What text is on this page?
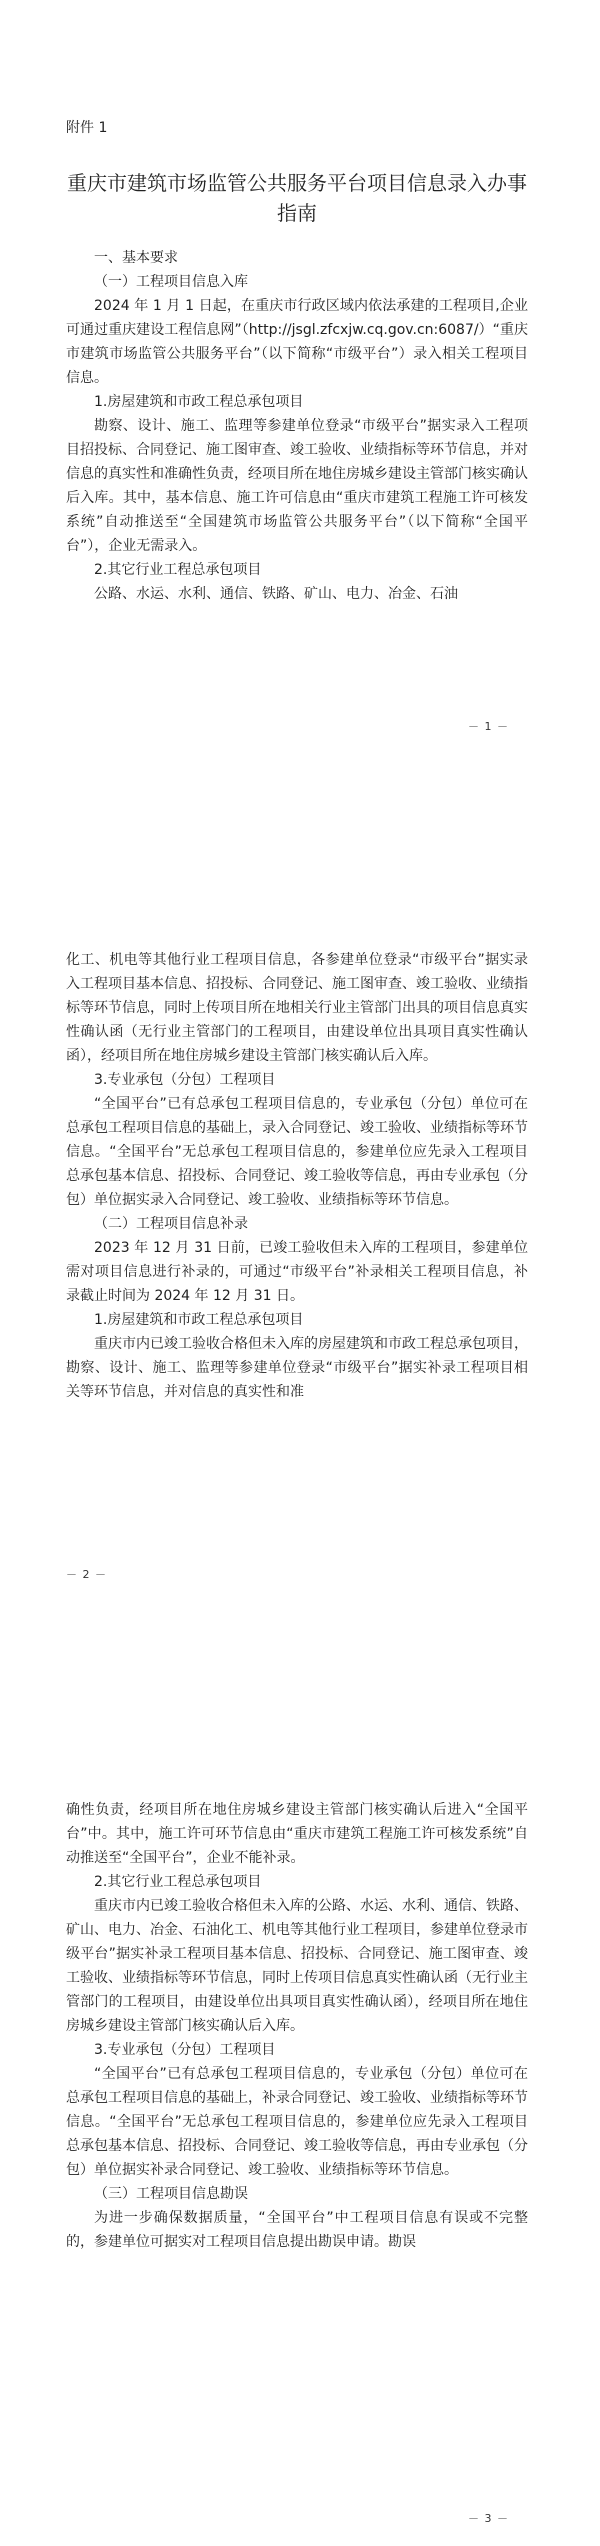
附件 1
重庆市建筑市场监管公共服务平台项目信息录入办事指南

一、基本要求

（一）工程项目信息入库

2024 年 1 月 1 日起，在重庆市行政区域内依法承建的工程项目,企业可通过重庆建设工程信息网”（http://jsgl.zfcxjw.cq.gov.cn:6087/）“重庆市建筑市场监管公共服务平台”（以下简称“市级平台”）录入相关工程项目信息。

1.房屋建筑和市政工程总承包项目

勘察、设计、施工、监理等参建单位登录“市级平台”据实录入工程项目招投标、合同登记、施工图审查、竣工验收、业绩指标等环节信息，并对信息的真实性和准确性负责，经项目所在地住房城乡建设主管部门核实确认后入库。其中，基本信息、施工许可信息由“重庆市建筑工程施工许可核发系统”自动推送至“全国建筑市场监管公共服务平台”（以下简称“全国平台”），企业无需录入。

2.其它行业工程总承包项目

公路、水运、水利、通信、铁路、矿山、电力、冶金、石油

－ 1 －

化工、机电等其他行业工程项目信息，各参建单位登录“市级平台”据实录入工程项目基本信息、招投标、合同登记、施工图审查、竣工验收、业绩指标等环节信息，同时上传项目所在地相关行业主管部门出具的项目信息真实性确认函（无行业主管部门的工程项目，由建设单位出具项目真实性确认函），经项目所在地住房城乡建设主管部门核实确认后入库。

3.专业承包（分包）工程项目

“全国平台”已有总承包工程项目信息的，专业承包（分包）单位可在总承包工程项目信息的基础上，录入合同登记、竣工验收、业绩指标等环节信息。“全国平台”无总承包工程项目信息的，参建单位应先录入工程项目总承包基本信息、招投标、合同登记、竣工验收等信息，再由专业承包（分包）单位据实录入合同登记、竣工验收、业绩指标等环节信息。

（二）工程项目信息补录

2023 年 12 月 31 日前，已竣工验收但未入库的工程项目，参建单位需对项目信息进行补录的，可通过“市级平台”补录相关工程项目信息，补录截止时间为 2024 年 12 月 31 日。

1.房屋建筑和市政工程总承包项目

重庆市内已竣工验收合格但未入库的房屋建筑和市政工程总承包项目，勘察、设计、施工、监理等参建单位登录“市级平台”据实补录工程项目相关等环节信息，并对信息的真实性和准

－ 2 －

确性负责，经项目所在地住房城乡建设主管部门核实确认后进入“全国平台”中。其中，施工许可环节信息由“重庆市建筑工程施工许可核发系统”自动推送至“全国平台”，企业不能补录。

2.其它行业工程总承包项目

重庆市内已竣工验收合格但未入库的公路、水运、水利、通信、铁路、矿山、电力、冶金、石油化工、机电等其他行业工程项目，参建单位登录市级平台”据实补录工程项目基本信息、招投标、合同登记、施工图审查、竣工验收、业绩指标等环节信息，同时上传项目信息真实性确认函（无行业主管部门的工程项目，由建设单位出具项目真实性确认函），经项目所在地住房城乡建设主管部门核实确认后入库。

3.专业承包（分包）工程项目

“全国平台”已有总承包工程项目信息的，专业承包（分包）单位可在总承包工程项目信息的基础上，补录合同登记、竣工验收、业绩指标等环节信息。“全国平台”无总承包工程项目信息的，参建单位应先录入工程项目总承包基本信息、招投标、合同登记、竣工验收等信息，再由专业承包（分包）单位据实补录合同登记、竣工验收、业绩指标等环节信息。

（三）工程项目信息勘误

为进一步确保数据质量，“全国平台”中工程项目信息有误或不完整的，参建单位可据实对工程项目信息提出勘误申请。勘误

－ 3 －
